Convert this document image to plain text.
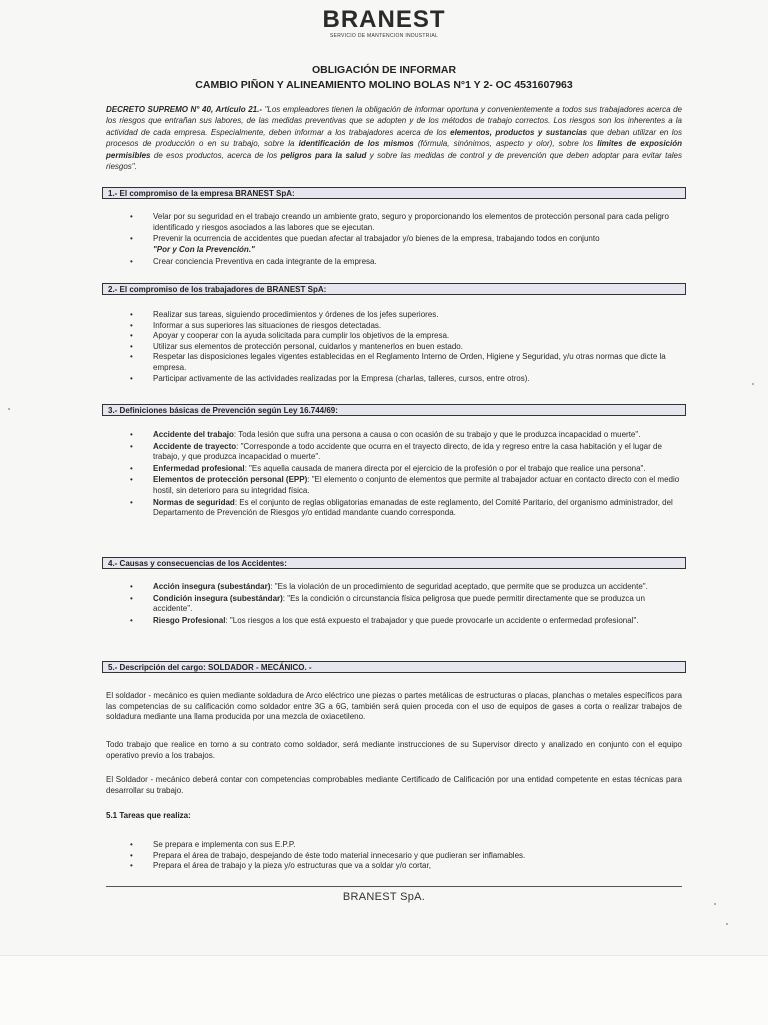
BRANEST
SERVICIO DE MANTENCION INDUSTRIAL
OBLIGACIÓN DE INFORMAR
CAMBIO PIÑON Y ALINEAMIENTO MOLINO BOLAS N°1 Y 2- OC 4531607963
DECRETO SUPREMO N° 40, Artículo 21.- "Los empleadores tienen la obligación de informar oportuna y convenientemente a todos sus trabajadores acerca de los riesgos que entrañan sus labores, de las medidas preventivas que se adopten y de los métodos de trabajo correctos. Los riesgos son los inherentes a la actividad de cada empresa. Especialmente, deben informar a los trabajadores acerca de los elementos, productos y sustancias que deban utilizar en los procesos de producción o en su trabajo, sobre la identificación de los mismos (fórmula, sinónimos, aspecto y olor), sobre los límites de exposición permisibles de esos productos, acerca de los peligros para la salud y sobre las medidas de control y de prevención que deben adoptar para evitar tales riesgos".
1.- El compromiso de la empresa BRANEST SpA:
• Velar por su seguridad en el trabajo creando un ambiente grato, seguro y proporcionando los elementos de protección personal para cada peligro identificado y riesgos asociados a las labores que se ejecutan.
• Prevenir la ocurrencia de accidentes que puedan afectar al trabajador y/o bienes de la empresa, trabajando todos en conjunto
"Por y Con la Prevención."
• Crear conciencia Preventiva en cada integrante de la empresa.
2.- El compromiso de los trabajadores de BRANEST SpA:
• Realizar sus tareas, siguiendo procedimientos y órdenes de los jefes superiores.
• Informar a sus superiores las situaciones de riesgos detectadas.
• Apoyar y cooperar con la ayuda solicitada para cumplir los objetivos de la empresa.
• Utilizar sus elementos de protección personal, cuidarlos y mantenerlos en buen estado.
• Respetar las disposiciones legales vigentes establecidas en el Reglamento Interno de Orden, Higiene y Seguridad, y/u otras normas que dicte la empresa.
• Participar activamente de las actividades realizadas por la Empresa (charlas, talleres, cursos, entre otros).
3.- Definiciones básicas de Prevención según Ley 16.744/69:
• Accidente del trabajo: Toda lesión que sufra una persona a causa o con ocasión de su trabajo y que le produzca incapacidad o muerte".
• Accidente de trayecto: "Corresponde a todo accidente que ocurra en el trayecto directo, de ida y regreso entre la casa habitación y el lugar de trabajo, y que produzca incapacidad o muerte".
• Enfermedad profesional: "Es aquella causada de manera directa por el ejercicio de la profesión o por el trabajo que realice una persona".
• Elementos de protección personal (EPP): "El elemento o conjunto de elementos que permite al trabajador actuar en contacto directo con el medio hostil, sin deterioro para su integridad física.
• Normas de seguridad: Es el conjunto de reglas obligatorias emanadas de este reglamento, del Comité Paritario, del organismo administrador, del Departamento de Prevención de Riesgos y/o entidad mandante cuando corresponda.
4.- Causas y consecuencias de los Accidentes:
• Acción insegura (subestándar): "Es la violación de un procedimiento de seguridad aceptado, que permite que se produzca un accidente".
• Condición insegura (subestándar): "Es la condición o circunstancia física peligrosa que puede permitir directamente que se produzca un accidente".
• Riesgo Profesional: "Los riesgos a los que está expuesto el trabajador y que puede provocarle un accidente o enfermedad profesional".
5.- Descripción del cargo: SOLDADOR - MECÁNICO. -
El soldador - mecánico es quien mediante soldadura de Arco eléctrico une piezas o partes metálicas de estructuras o placas, planchas o metales específicos para las competencias de su calificación como soldador entre 3G a 6G, también será quien proceda con el uso de equipos de gases a corta o realizar trabajos de soldadura mediante una llama producida por una mezcla de oxiacetileno.
Todo trabajo que realice en torno a su contrato como soldador, será mediante instrucciones de su Supervisor directo y analizado en conjunto con el equipo operativo previo a los trabajos.
El Soldador - mecánico deberá contar con competencias comprobables mediante Certificado de Calificación por una entidad competente en estas técnicas para desarrollar su trabajo.
5.1 Tareas que realiza:
• Se prepara e implementa con sus E.P.P.
• Prepara el área de trabajo, despejando de éste todo material innecesario y que pudieran ser inflamables.
• Prepara el área de trabajo y la pieza y/o estructuras que va a soldar y/o cortar,
BRANEST SpA.
